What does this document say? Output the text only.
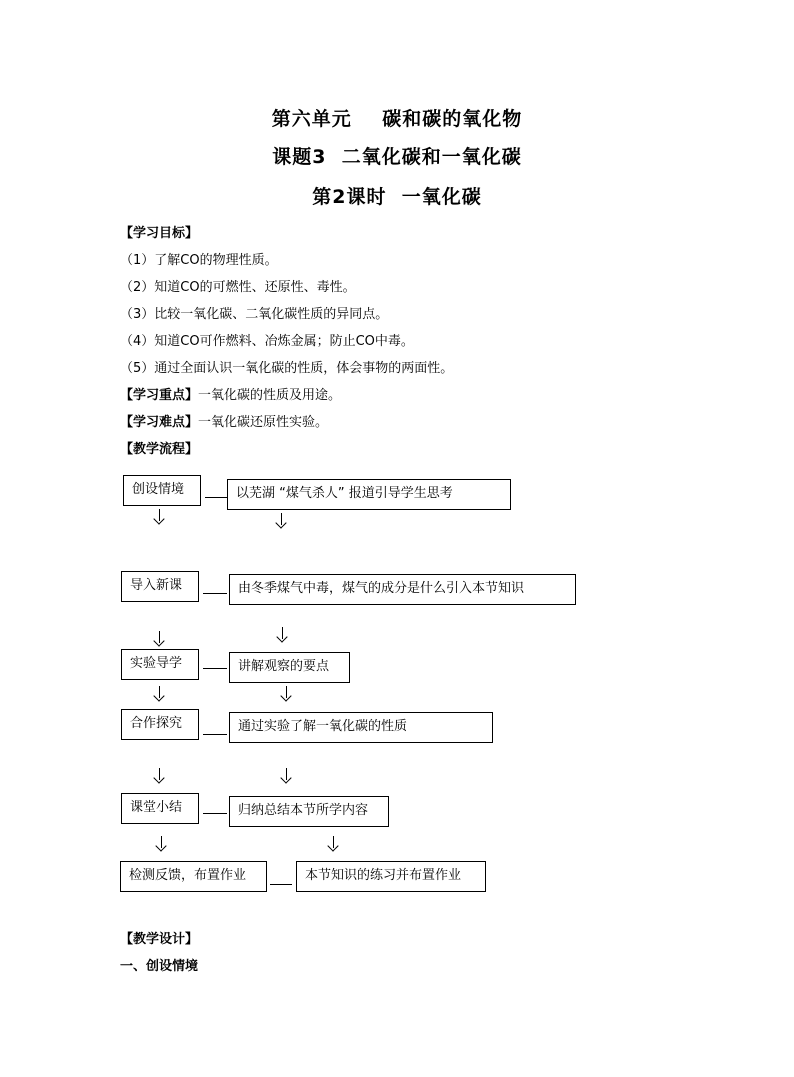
第六单元    碳和碳的氧化物
课题3  二氧化碳和一氧化碳
第2课时  一氧化碳
【学习目标】
（1）了解CO的物理性质。
（2）知道CO的可燃性、还原性、毒性。
（3）比较一氧化碳、二氧化碳性质的异同点。
（4）知道CO可作燃料、冶炼金属；防止CO中毒。
（5）通过全面认识一氧化碳的性质，体会事物的两面性。
【学习重点】一氧化碳的性质及用途。
【学习难点】一氧化碳还原性实验。
【教学流程】
创设情境	以芜湖 “煤气杀人” 报道引导学生思考
导入新课	由冬季煤气中毒，煤气的成分是什么引入本节知识
实验导学	讲解观察的要点
合作探究	通过实验了解一氧化碳的性质
课堂小结	归纳总结本节所学内容
检测反馈，布置作业	本节知识的练习并布置作业
【教学设计】
一、创设情境
